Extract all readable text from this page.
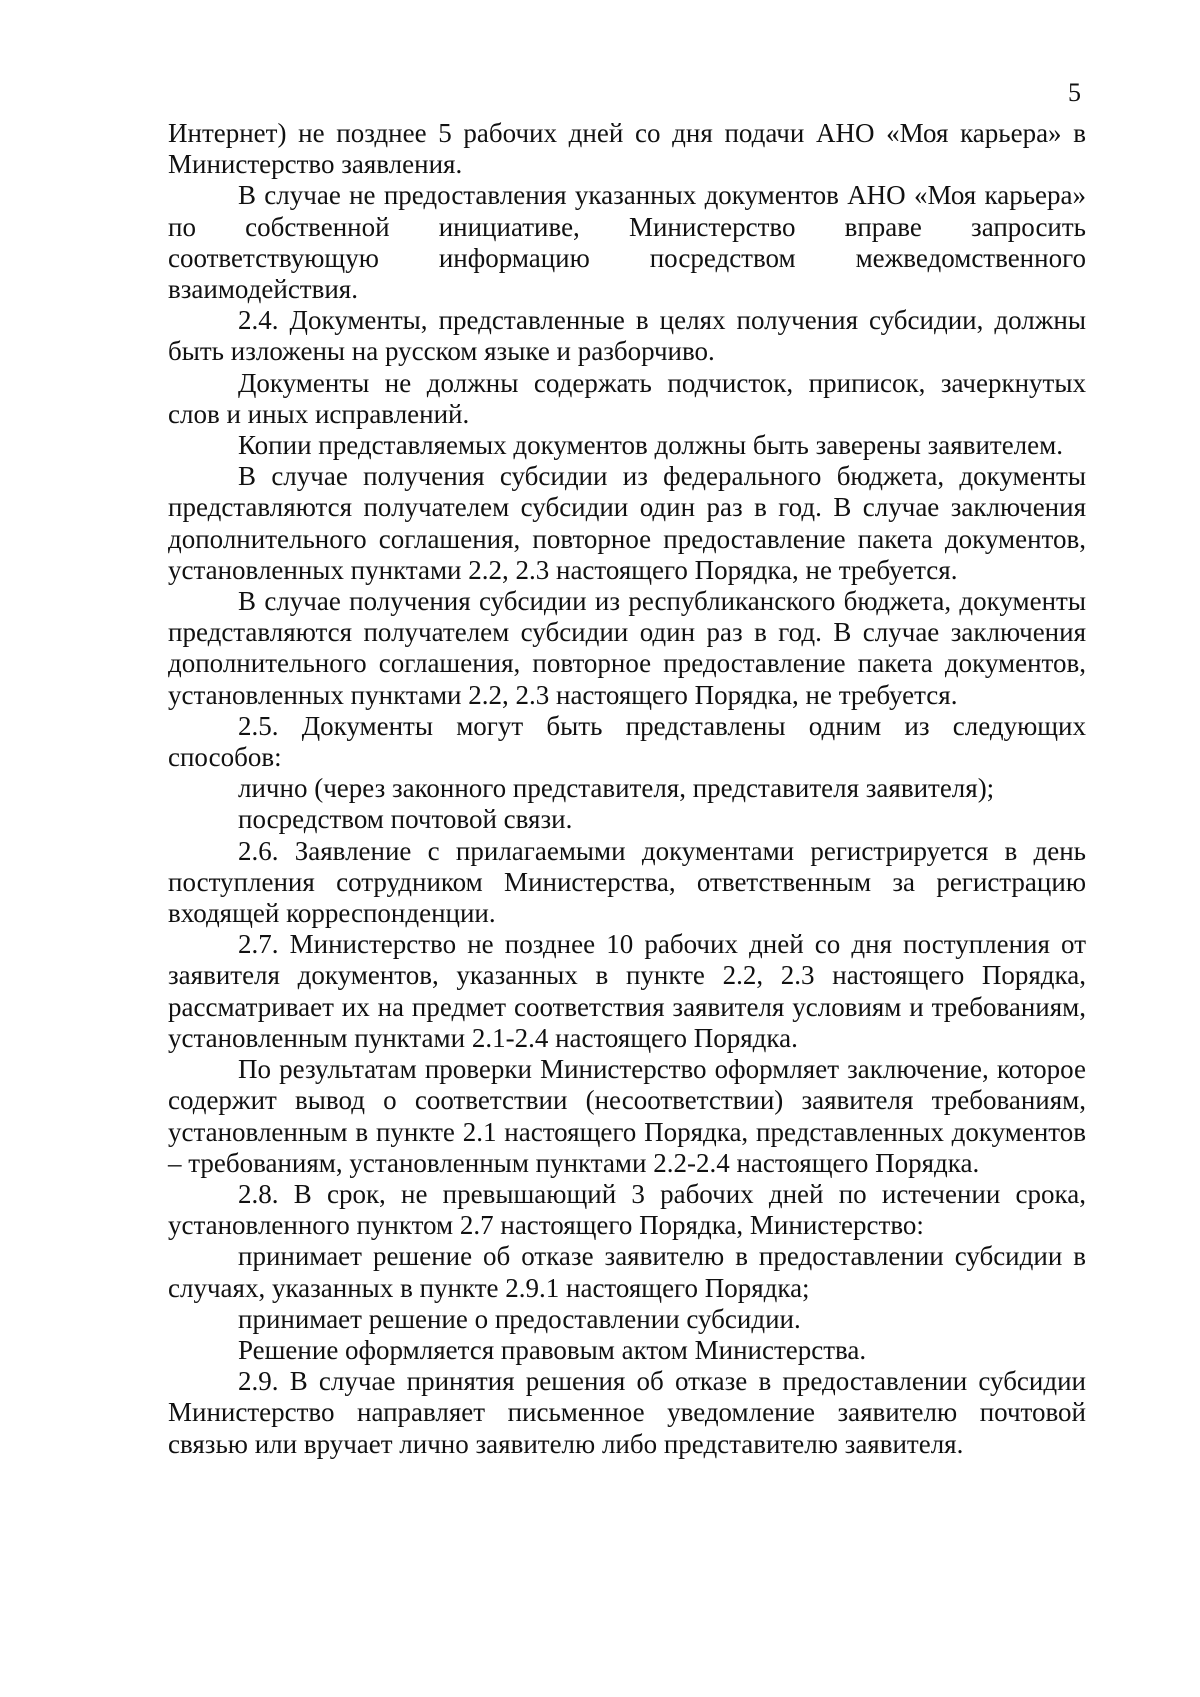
5

Интернет) не позднее 5 рабочих дней со дня подачи АНО «Моя карьера» в Министерство заявления.

В случае не предоставления указанных документов АНО «Моя карьера» по собственной инициативе, Министерство вправе запросить соответствующую информацию посредством межведомственного взаимодействия.

2.4. Документы, представленные в целях получения субсидии, должны быть изложены на русском языке и разборчиво.

Документы не должны содержать подчисток, приписок, зачеркнутых слов и иных исправлений.

Копии представляемых документов должны быть заверены заявителем.

В случае получения субсидии из федерального бюджета, документы представляются получателем субсидии один раз в год. В случае заключения дополнительного соглашения, повторное предоставление пакета документов, установленных пунктами 2.2, 2.3 настоящего Порядка, не требуется.

В случае получения субсидии из республиканского бюджета, документы представляются получателем субсидии один раз в год. В случае заключения дополнительного соглашения, повторное предоставление пакета документов, установленных пунктами 2.2, 2.3 настоящего Порядка, не требуется.

2.5. Документы могут быть представлены одним из следующих способов:

лично (через законного представителя, представителя заявителя);

посредством почтовой связи.

2.6. Заявление с прилагаемыми документами регистрируется в день поступления сотрудником Министерства, ответственным за регистрацию входящей корреспонденции.

2.7. Министерство не позднее 10 рабочих дней со дня поступления от заявителя документов, указанных в пункте 2.2, 2.3 настоящего Порядка, рассматривает их на предмет соответствия заявителя условиям и требованиям, установленным пунктами 2.1-2.4 настоящего Порядка.

По результатам проверки Министерство оформляет заключение, которое содержит вывод о соответствии (несоответствии) заявителя требованиям, установленным в пункте 2.1 настоящего Порядка, представленных документов – требованиям, установленным пунктами 2.2-2.4 настоящего Порядка.

2.8. В срок, не превышающий 3 рабочих дней по истечении срока, установленного пунктом 2.7 настоящего Порядка, Министерство:

принимает решение об отказе заявителю в предоставлении субсидии в случаях, указанных в пункте 2.9.1 настоящего Порядка;

принимает решение о предоставлении субсидии.

Решение оформляется правовым актом Министерства.

2.9. В случае принятия решения об отказе в предоставлении субсидии Министерство направляет письменное уведомление заявителю почтовой связью или вручает лично заявителю либо представителю заявителя.
